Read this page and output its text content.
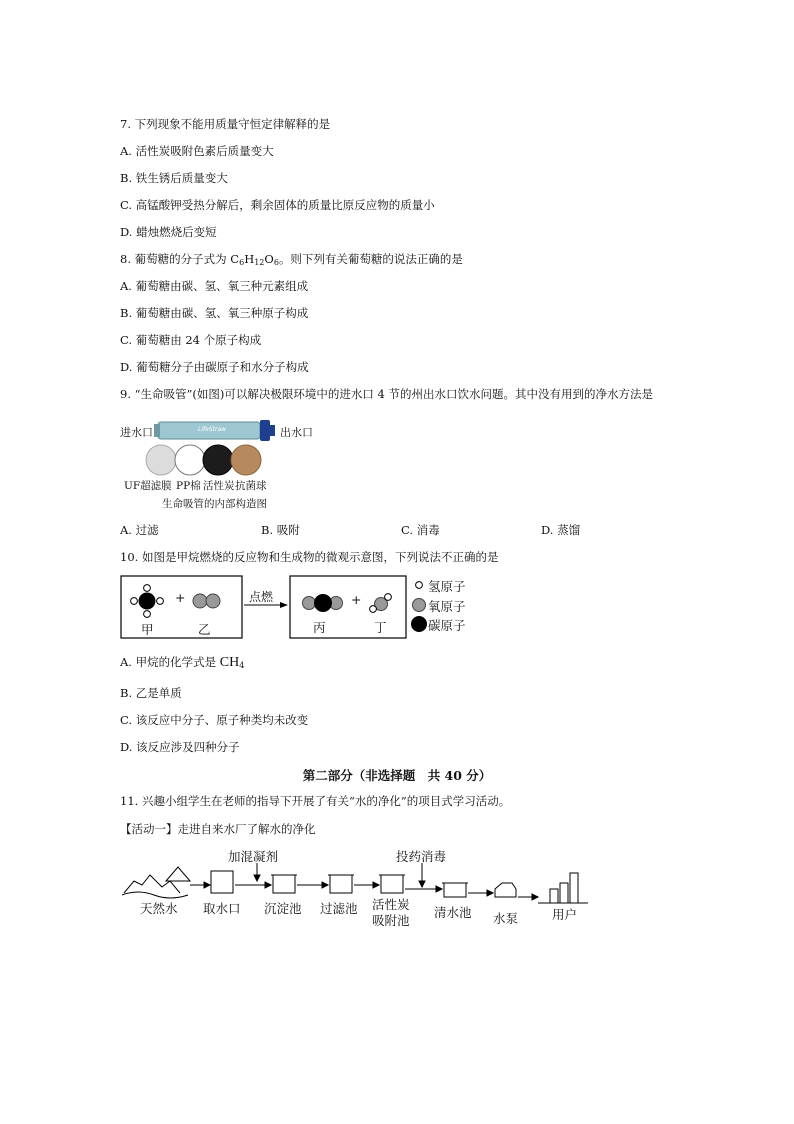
7. 下列现象不能用质量守恒定律解释的是
A. 活性炭吸附色素后质量变大
B. 铁生锈后质量变大
C. 高锰酸钾受热分解后，剩余固体的质量比原反应物的质量小
D. 蜡烛燃烧后变短
8. 葡萄糖的分子式为 $C_6H_{12}O_6$。则下列有关葡萄糖的说法正确的是
A. 葡萄糖由碳、氢、氧三种元素组成
B. 葡萄糖由碳、氢、氧三种原子构成
C. 葡萄糖由 24 个原子构成
D. 葡萄糖分子由碳原子和水分子构成
9. “生命吸管”(如图)可以解决极限环境中的进水口 4 节的州出水口饮水问题。其中没有用到的净水方法是
进水口	出水口
LifeStraw
UF超滤膜 PP棉 活性炭 抗菌球
生命吸管的内部构造图
A. 过滤	B. 吸附	C. 消毒	D. 蒸馏
10. 如图是甲烷燃烧的反应物和生成物的微观示意图，下列说法不正确的是
+	+
点燃
甲	乙	丙	丁
氢原子
氧原子
碳原子
A. 甲烷的化学式是 $CH_4$
B. 乙是单质
C. 该反应中分子、原子种类均未改变
D. 该反应涉及四种分子
第二部分（非选择题　共 40 分）
11. 兴趣小组学生在老师的指导下开展了有关“水的净化”的项目式学习活动。
【活动一】走进自来水厂了解水的净化
加混凝剂	投药消毒
天然水 取水口 沉淀池 过滤池 活性炭
吸附池
清水池 水泵	用户
